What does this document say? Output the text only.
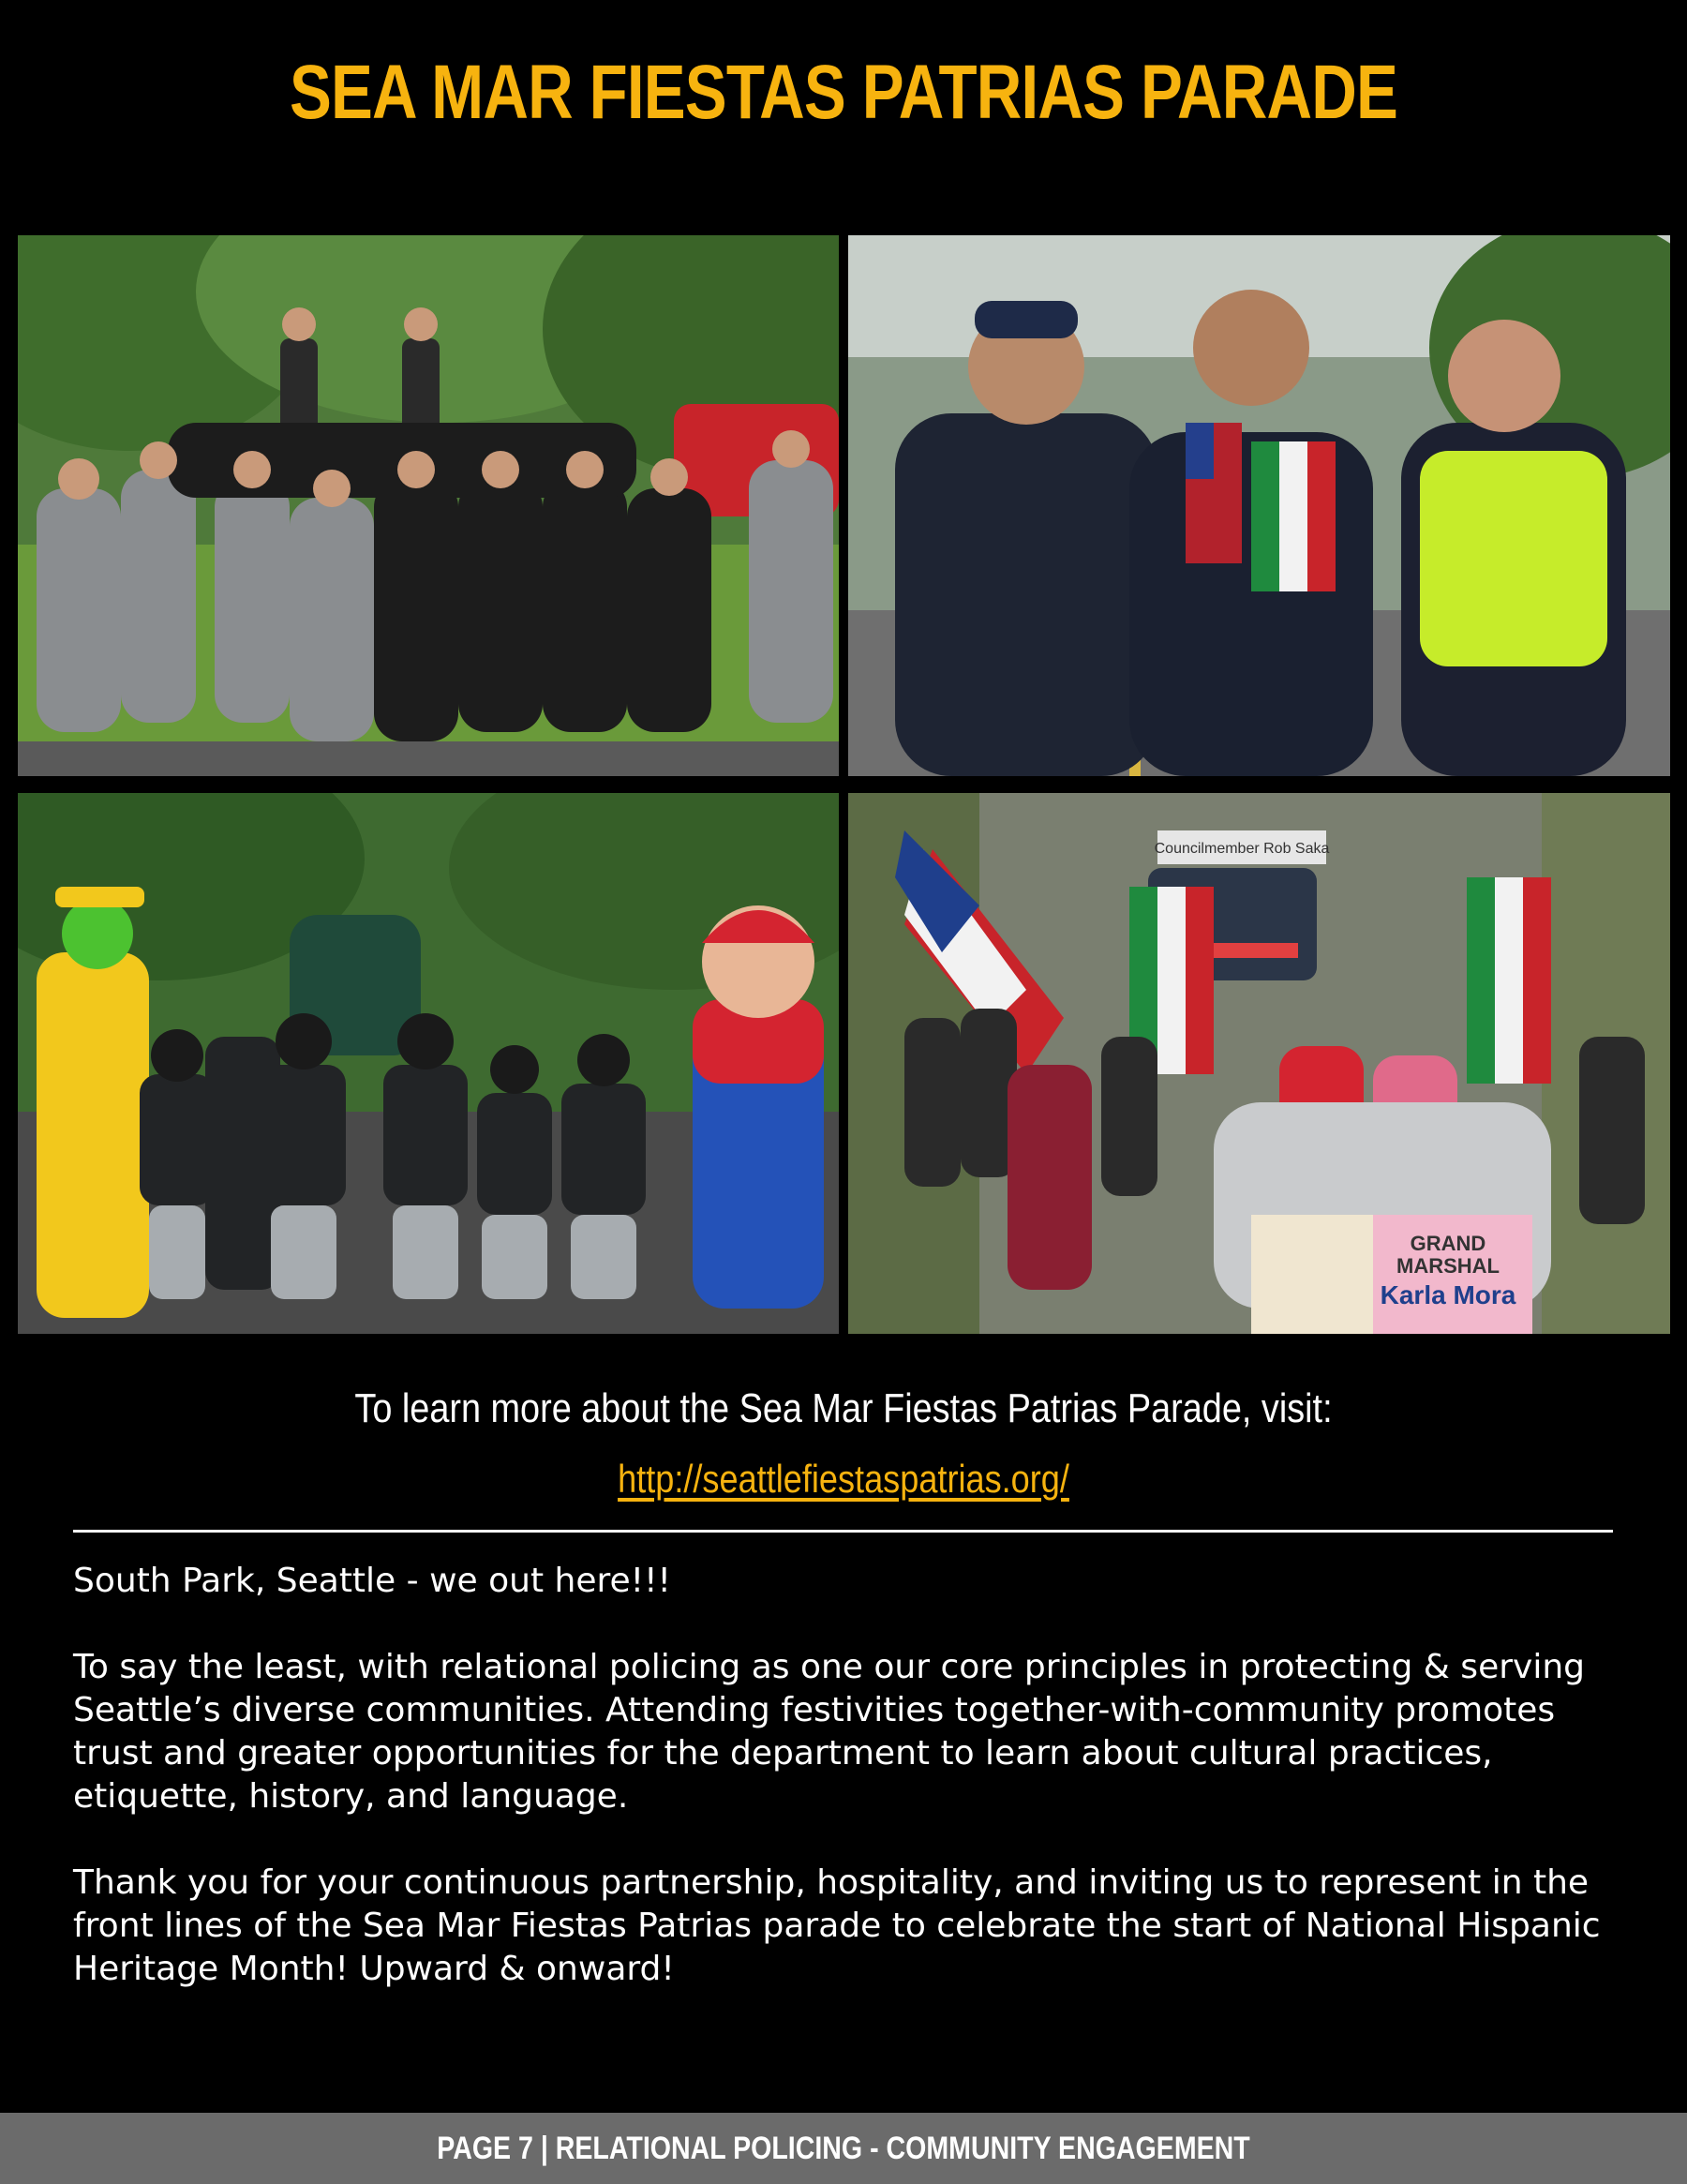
SEA MAR FIESTAS PATRIAS PARADE
GRAND
MARSHAL
Karla Mora
Councilmember Rob Saka
To learn more about the Sea Mar Fiestas Patrias Parade, visit:
http://seattlefiestaspatrias.org/

South Park, Seattle - we out here!!!

To say the least, with relational policing as one our core principles in protecting & serving Seattle’s diverse communities. Attending festivities together-with-community promotes trust and greater opportunities for the department to learn about cultural practices, etiquette, history, and language.

Thank you for your continuous partnership, hospitality, and inviting us to represent in the front lines of the Sea Mar Fiestas Patrias parade to celebrate the start of National Hispanic Heritage Month! Upward & onward!

PAGE 7 | RELATIONAL POLICING - COMMUNITY ENGAGEMENT
